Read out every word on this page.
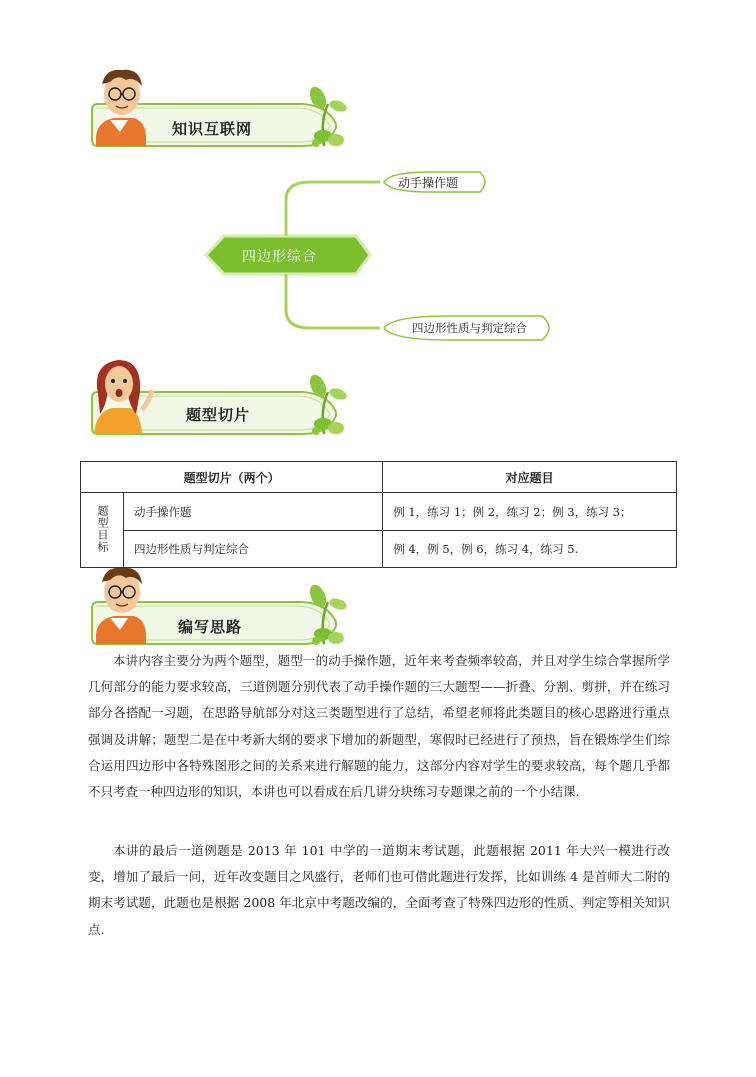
知识互联网
四边形综合
动手操作题
四边形性质与判定综合
题型切片
题型切片（两个）		对应题目
题型目标	动手操作题	例 1，练习 1；例 2，练习 2；例 3，练习 3；
	四边形性质与判定综合	例 4，例 5，例 6，练习 4，练习 5.
编写思路

本讲内容主要分为两个题型，题型一的动手操作题，近年来考查频率较高，并且对学生综合掌握所学几何部分的能力要求较高，三道例题分别代表了动手操作题的三大题型——折叠、分割、剪拼，并在练习部分各搭配一习题，在思路导航部分对这三类题型进行了总结，希望老师将此类题目的核心思路进行重点强调及讲解；题型二是在中考新大纲的要求下增加的新题型，寒假时已经进行了预热，旨在锻炼学生们综合运用四边形中各特殊图形之间的关系来进行解题的能力，这部分内容对学生的要求较高，每个题几乎都不只考查一种四边形的知识，本讲也可以看成在后几讲分块练习专题课之前的一个小结课.

本讲的最后一道例题是 2013 年 101 中学的一道期末考试题，此题根据 2011 年大兴一模进行改变，增加了最后一问，近年改变题目之风盛行，老师们也可借此题进行发挥，比如训练 4 是首师大二附的期末考试题，此题也是根据 2008 年北京中考题改编的，全面考查了特殊四边形的性质、判定等相关知识点.
